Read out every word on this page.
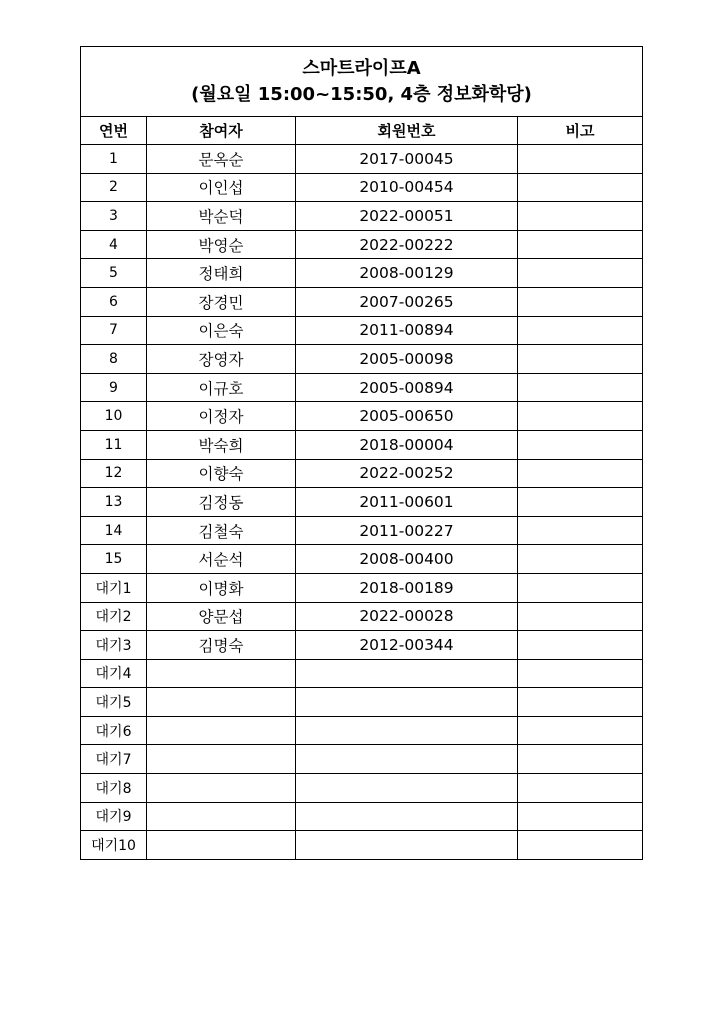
스마트라이프A
(월요일 15:00~15:50, 4층 정보화학당)			

연번	참여자	회원번호	비고
1	문옥순	2017-00045	
2	이인섭	2010-00454	
3	박순덕	2022-00051	
4	박영순	2022-00222	
5	정태희	2008-00129	
6	장경민	2007-00265	
7	이은숙	2011-00894	
8	장영자	2005-00098	
9	이규호	2005-00894	
10	이정자	2005-00650	
11	박숙희	2018-00004	
12	이향숙	2022-00252	
13	김정동	2011-00601	
14	김철숙	2011-00227	
15	서순석	2008-00400	
대기1	이명화	2018-00189	
대기2	양문섭	2022-00028	
대기3	김명숙	2012-00344	
대기4			
대기5			
대기6			
대기7			
대기8			
대기9			
대기10			
